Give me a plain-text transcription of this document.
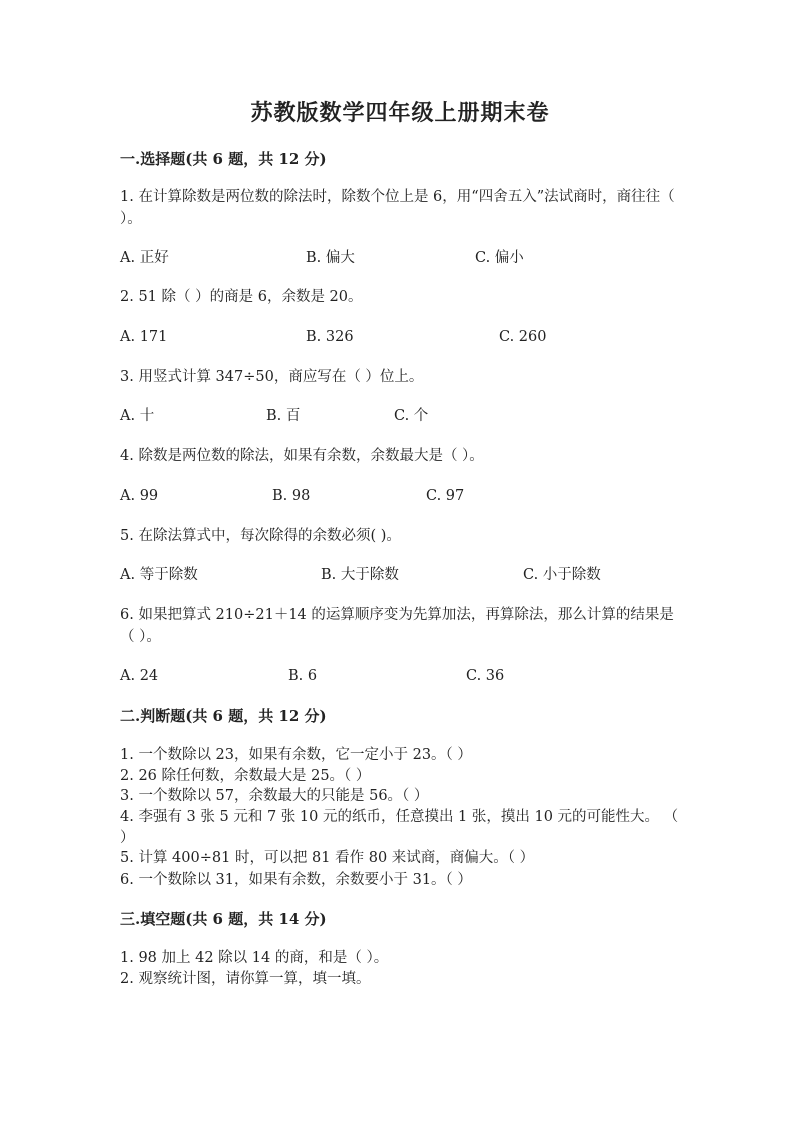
苏教版数学四年级上册期末卷
一.选择题(共 6 题，共 12 分)
1. 在计算除数是两位数的除法时，除数个位上是 6，用“四舍五入”法试商时，商往往（ ）。
A. 正好	B. 偏大	C. 偏小
2. 51 除（ ）的商是 6，余数是 20。
A. 171	B. 326	C. 260
3. 用竖式计算 347÷50，商应写在（ ）位上。
A. 十	B. 百	C. 个
4. 除数是两位数的除法，如果有余数，余数最大是（ ）。
A. 99	B. 98	C. 97
5. 在除法算式中，每次除得的余数必须( )。
A. 等于除数	B. 大于除数	C. 小于除数
6. 如果把算式 210÷21＋14 的运算顺序变为先算加法，再算除法，那么计算的结果是（ ）。
A. 24	B. 6	C. 36
二.判断题(共 6 题，共 12 分)
1. 一个数除以 23，如果有余数，它一定小于 23。（ ）
2. 26 除任何数，余数最大是 25。（ ）
3. 一个数除以 57，余数最大的只能是 56。（ ）
4. 李强有 3 张 5 元和 7 张 10 元的纸币，任意摸出 1 张，摸出 10 元的可能性大。 （ ）
5. 计算 400÷81 时，可以把 81 看作 80 来试商，商偏大。（ ）
6. 一个数除以 31，如果有余数，余数要小于 31。（ ）
三.填空题(共 6 题，共 14 分)
1. 98 加上 42 除以 14 的商，和是（ ）。
2. 观察统计图，请你算一算，填一填。
